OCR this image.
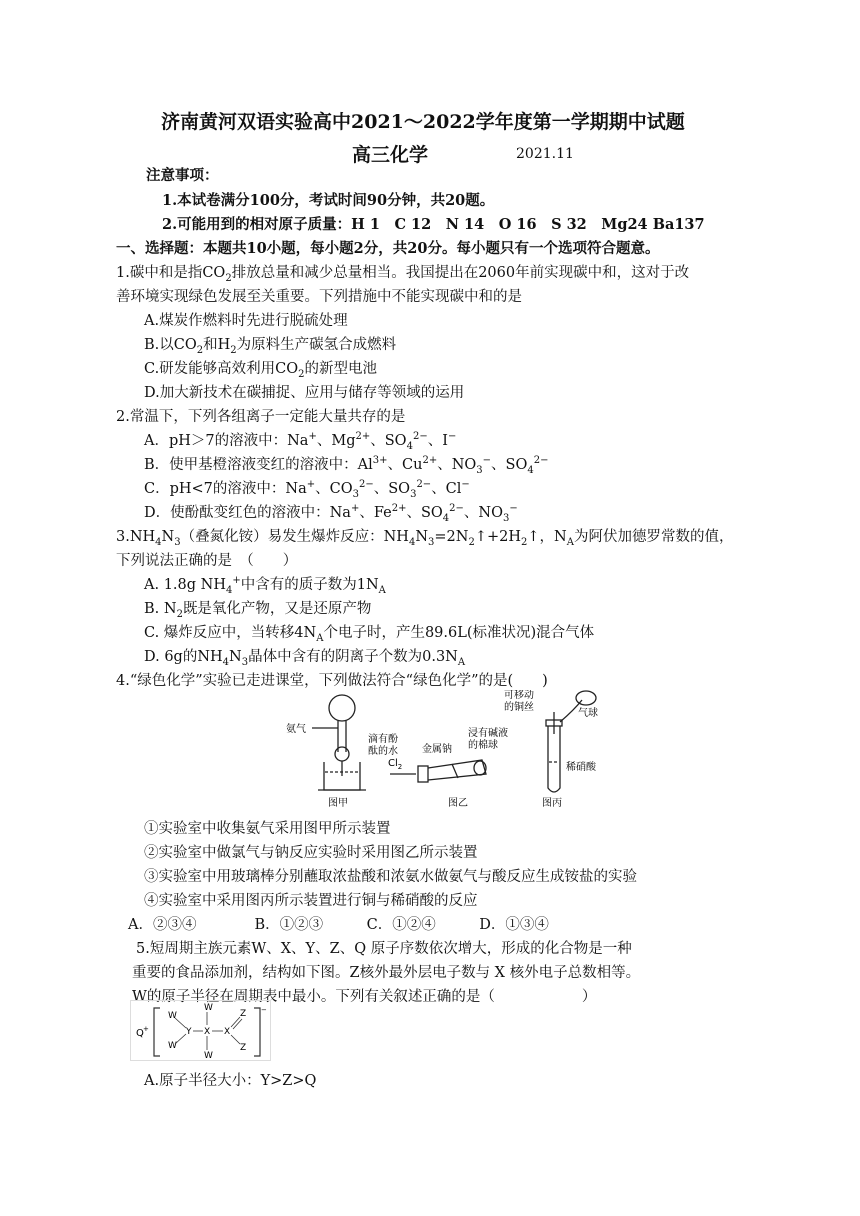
济南黄河双语实验高中2021～2022学年度第一学期期中试题
高三化学	2021.11
注意事项：
1.本试卷满分100分，考试时间90分钟，共20题。
2.可能用到的相对原子质量：H 1　C 12　N 14　O 16　S 32　Mg24 Ba137
一、选择题：本题共10小题，每小题2分，共20分。每小题只有一个选项符合题意。
1.碳中和是指$CO_2$排放总量和减少总量相当。我国提出在2060年前实现碳中和，这对于改
善环境实现绿色发展至关重要。下列措施中不能实现碳中和的是
A.煤炭作燃料时先进行脱硫处理
B.以$CO_2$和$H_2$为原料生产碳氢合成燃料
C.研发能够高效利用$CO_2$的新型电池
D.加大新技术在碳捕捉、应用与储存等领域的运用
2.常温下，下列各组离子一定能大量共存的是
A．pH＞7的溶液中：Na+、$Mg^{2+}$、$SO_4^{2-}$、I−
B．使甲基橙溶液变红的溶液中：$Al^{3+}$、$Cu^{2+}$、$NO_3^-$、$SO_4^{2-}$
C．pH<7的溶液中：Na+、$CO_3^{2-}$、$SO_3^{2-}$、Cl−
D．使酚酞变红色的溶液中：Na+、$Fe^{2+}$、$SO_4^{2-}$、$NO_3^-$
$3.NH_4N_3$（叠氮化铵）易发生爆炸反应：$NH_4N_3=2N_2↑+2H_2↑$，$N_A$为阿伏加德罗常数的值，
下列说法正确的是　（　　）
A. 1.8g $NH_4^+$中含有的质子数为$1N_A$
B. $N_2$既是氧化产物，又是还原产物
C. 爆炸反应中，当转移$4N_A$个电子时，产生89.6L(标准状况)混合气体
D. 6g的$NH_4N_3$晶体中含有的阴离子个数为$0.3N_A$
4.“绿色化学”实验已走进课堂，下列做法符合“绿色化学”的是(　　)
氨气
滴有酚
酞的水
图甲
$Cl_2$
金属钠
浸有碱液
的棉球
图乙
可移动
的铜丝
气球
稀硝酸
图丙
①实验室中收集氨气采用图甲所示装置
②实验室中做氯气与钠反应实验时采用图乙所示装置
③实验室中用玻璃棒分别蘸取浓盐酸和浓氨水做氨气与酸反应生成铵盐的实验
④实验室中采用图丙所示装置进行铜与稀硝酸的反应
A．②③④　　　　B．①②③　　　C．①②④　　　D．①③④
5.短周期主族元素W、X、Y、Z、Q 原子序数依次增大，形成的化合物是一种
重要的食品添加剂，结构如下图。Z核外最外层电子数与 X 核外电子总数相等。
W的原子半径在周期表中最小。下列有关叙述正确的是（　　　　　　）
Q +
−
W
W
Y
W
X
W
X
Z
Z
A.原子半径大小：Y>Z>Q
